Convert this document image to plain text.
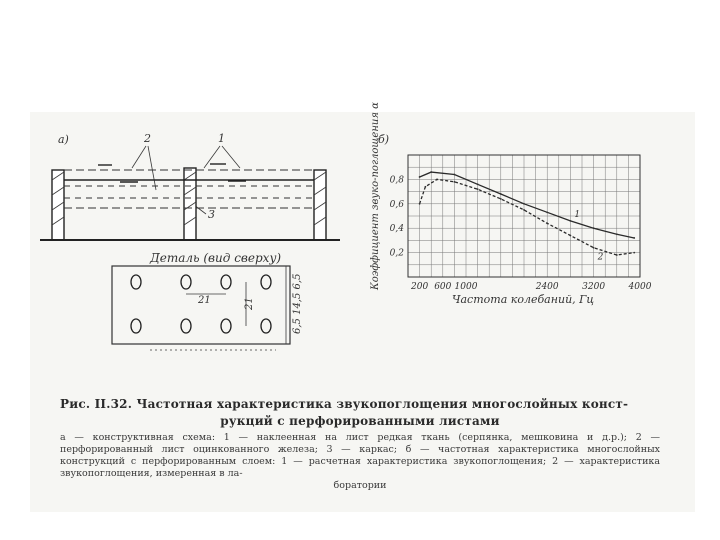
а)	2	1
3
Деталь (вид сверху)
21	21	6,5 14,5 6,5
б)
0,8
0,6
0,4
0,2
200 600 1000	2400	3200	4000
1
2
Коэффициент звуко-поглощения α
Частота колебаний, Гц
Рис. II.32. Частотная характеристика звукопоглощения многослойных конст-
рукций с перфорированными листами
а — конструктивная схема: 1 — наклеенная на лист редкая ткань (серпянка, мешковина и д.р.); 2 — перфорированный лист оцинкованного железа; 3 — каркас; б — частотная характеристика многослойных конструкций с перфорированным слоем: 1 — расчетная характеристика звукопоглощения; 2 — характеристика звукопоглощения, измеренная в ла-
боратории
